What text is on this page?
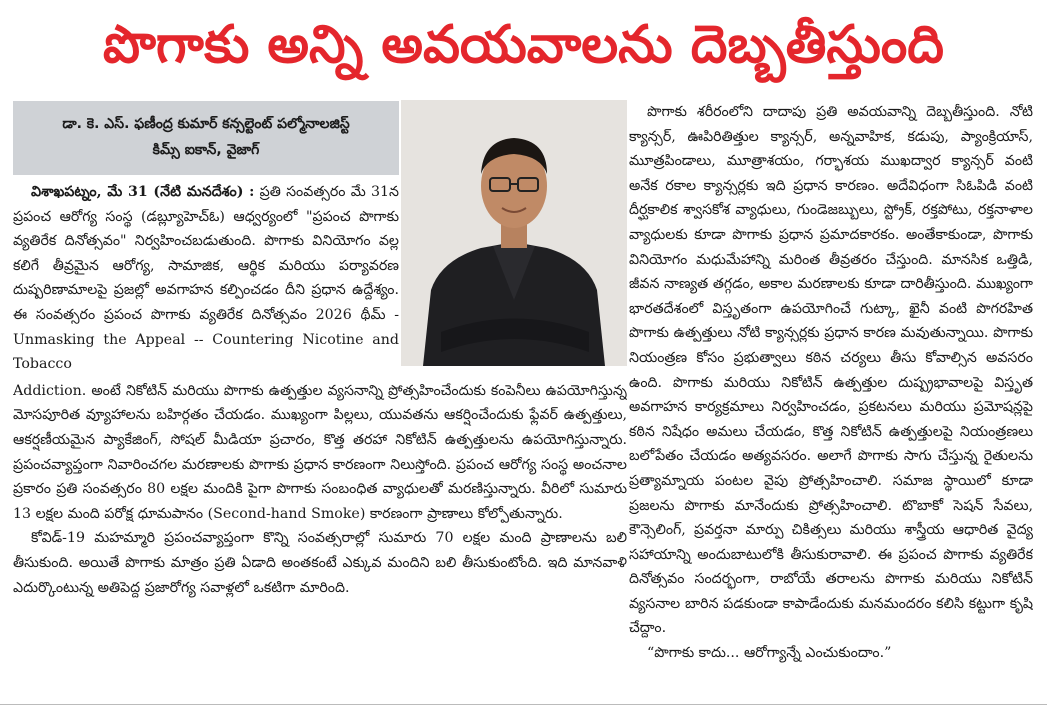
పొగాకు అన్ని అవయవాలను దెబ్బతీస్తుంది
డా. కె. ఎస్. ఫణీంద్ర కుమార్ కన్సల్టెంట్ పల్మోనాలజిస్ట్
కిమ్స్ ఐకాన్, వైజాగ్

విశాఖపట్నం, మే 31 (నేటి మనదేశం) : ప్రతి సంవత్సరం మే 31న ప్రపంచ ఆరోగ్య సంస్థ (డబ్ల్యూహెచ్ఓ) ఆధ్వర్యంలో "ప్రపంచ పొగాకు వ్యతిరేక దినోత్సవం" నిర్వహించబడుతుంది. పొగాకు వినియోగం వల్ల కలిగే తీవ్రమైన ఆరోగ్య, సామాజిక, ఆర్థిక మరియు పర్యావరణ దుష్పరిణామాలపై ప్రజల్లో అవగాహన కల్పించడం దీని ప్రధాన ఉద్దేశ్యం. ఈ సంవత్సరం ప్రపంచ పొగాకు వ్యతిరేక దినోత్సవం 2026 థీమ్ -Unmasking the Appeal -- Countering Nicotine and Tobacco

Addiction. అంటే నికోటిన్ మరియు పొగాకు ఉత్పత్తుల వ్యసనాన్ని ప్రోత్సహించేందుకు కంపెనీలు ఉపయోగిస్తున్న మోసపూరిత వ్యూహాలను బహిర్గతం చేయడం. ముఖ్యంగా పిల్లలు, యువతను ఆకర్షించేందుకు ఫ్లేవర్ ఉత్పత్తులు, ఆకర్షణీయమైన ప్యాకేజింగ్, సోషల్ మీడియా ప్రచారం, కొత్త తరహా నికోటిన్ ఉత్పత్తులను ఉపయోగిస్తున్నారు. ప్రపంచవ్యాప్తంగా నివారించగల మరణాలకు పొగాకు ప్రధాన కారణంగా నిలుస్తోంది. ప్రపంచ ఆరోగ్య సంస్థ అంచనాల ప్రకారం ప్రతి సంవత్సరం 80 లక్షల మందికి పైగా పొగాకు సంబంధిత వ్యాధులతో మరణిస్తున్నారు. వీరిలో సుమారు 13 లక్షల మంది పరోక్ష ధూమపానం (Second-hand Smoke) కారణంగా ప్రాణాలు కోల్పోతున్నారు.

కోవిడ్-19 మహమ్మారి ప్రపంచవ్యాప్తంగా కొన్ని సంవత్సరాల్లో సుమారు 70 లక్షల మంది ప్రాణాలను బలి తీసుకుంది. అయితే పొగాకు మాత్రం ప్రతి ఏడాది అంతకంటే ఎక్కువ మందిని బలి తీసుకుంటోంది. ఇది మానవాళి ఎదుర్కొంటున్న అతిపెద్ద ప్రజారోగ్య సవాళ్లలో ఒకటిగా మారింది.

పొగాకు శరీరంలోని దాదాపు ప్రతి అవయవాన్ని దెబ్బతీస్తుంది. నోటి క్యాన్సర్, ఊపిరితిత్తుల క్యాన్సర్, అన్నవాహిక, కడుపు, ప్యాంక్రియాస్, మూత్రపిండాలు, మూత్రాశయం, గర్భాశయ ముఖద్వార క్యాన్సర్ వంటి అనేక రకాల క్యాన్సర్లకు ఇది ప్రధాన కారణం. అదేవిధంగా సిఓపిడి వంటి దీర్ఘకాలిక శ్వాసకోశ వ్యాధులు, గుండెజబ్బులు, స్ట్రోక్, రక్తపోటు, రక్తనాళాల వ్యాధులకు కూడా పొగాకు ప్రధాన ప్రమాదకారకం. అంతేకాకుండా, పొగాకు వినియోగం మధుమేహాన్ని మరింత తీవ్రతరం చేస్తుంది. మానసిక ఒత్తిడి, జీవన నాణ్యత తగ్గడం, అకాల మరణాలకు కూడా దారితీస్తుంది. ముఖ్యంగా భారతదేశంలో విస్తృతంగా ఉపయోగించే గుట్కా, ఖైనీ వంటి పొగరహిత పొగాకు ఉత్పత్తులు నోటి క్యాన్సర్లకు ప్రధాన కారణ మవుతున్నాయి. పొగాకు నియంత్రణ కోసం ప్రభుత్వాలు కఠిన చర్యలు తీసు కోవాల్సిన అవసరం ఉంది. పొగాకు మరియు నికోటిన్ ఉత్పత్తుల దుష్ప్రభావాలపై విస్తృత అవగాహన కార్యక్రమాలు నిర్వహించడం, ప్రకటనలు మరియు ప్రమోషన్లపై కఠిన నిషేధం అమలు చేయడం, కొత్త నికోటిన్ ఉత్పత్తులపై నియంత్రణలు బలోపేతం చేయడం అత్యవసరం. అలాగే పొగాకు సాగు చేస్తున్న రైతులను ప్రత్యామ్నాయ పంటల వైపు ప్రోత్సహించాలి. సమాజ స్థాయిలో కూడా ప్రజలను పొగాకు మానేందుకు ప్రోత్సహించాలి. టొబాకో సెషన్ సేవలు, కౌన్సెలింగ్, ప్రవర్తనా మార్పు చికిత్సలు మరియు శాస్త్రీయ ఆధారిత వైద్య సహాయాన్ని అందుబాటులోకి తీసుకురావాలి. ఈ ప్రపంచ పొగాకు వ్యతిరేక దినోత్సవం సందర్భంగా, రాబోయే తరాలను పొగాకు మరియు నికోటిన్ వ్యసనాల బారిన పడకుండా కాపాడేందుకు మనమందరం కలిసి కట్టుగా కృషి చేద్దాం.

“పొగాకు కాదు... ఆరోగ్యాన్నే ఎంచుకుందాం.”
